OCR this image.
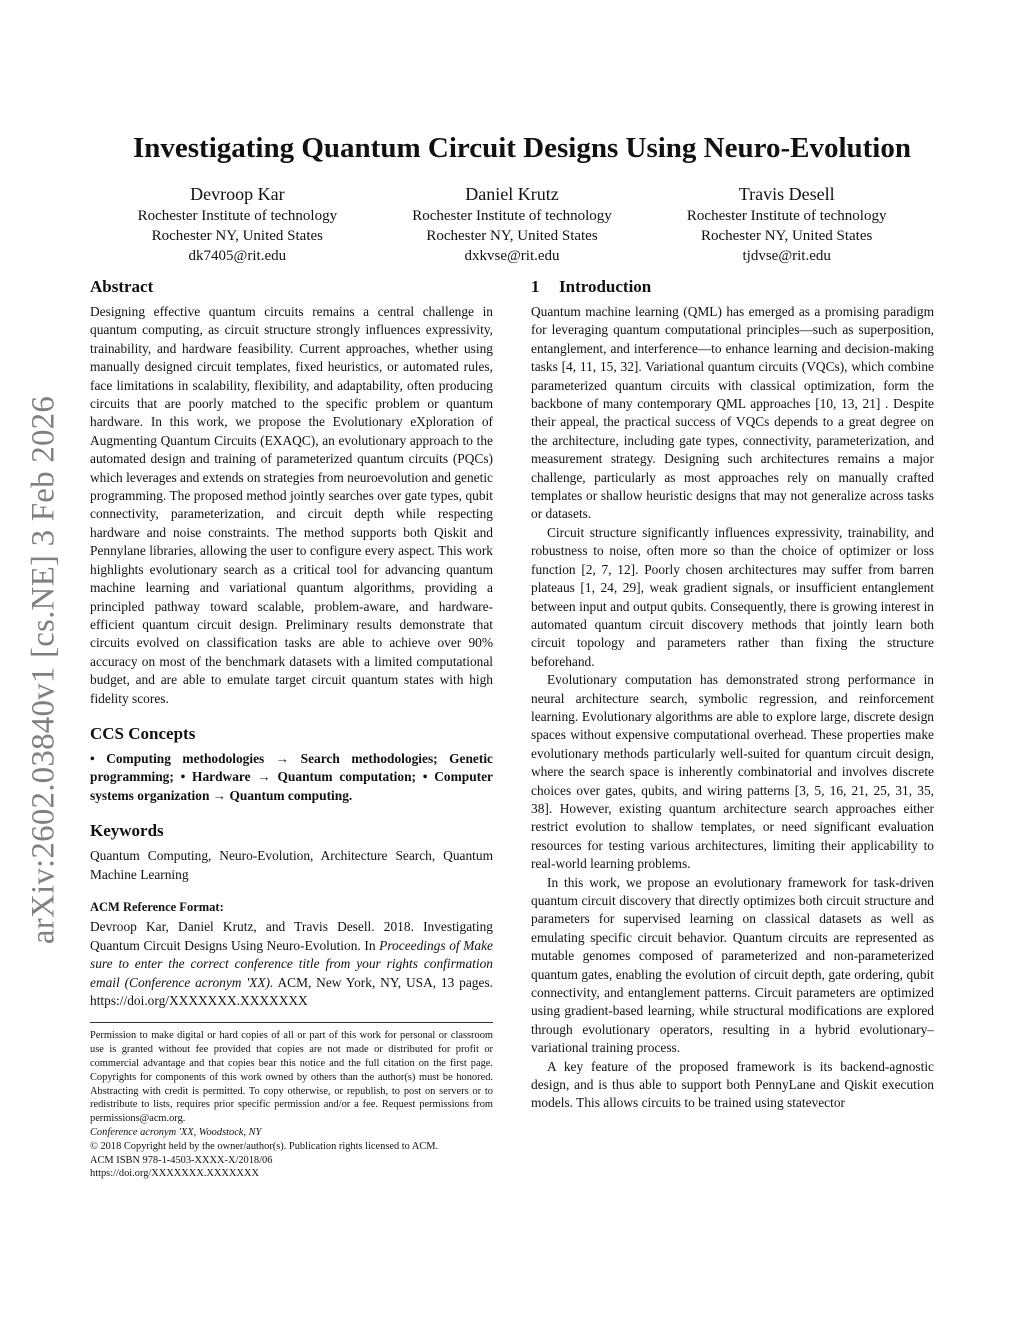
arXiv:2602.03840v1 [cs.NE] 3 Feb 2026
Investigating Quantum Circuit Designs Using Neuro-Evolution
Devroop Kar
Rochester Institute of technology
Rochester NY, United States
dk7405@rit.edu
Daniel Krutz
Rochester Institute of technology
Rochester NY, United States
dxkvse@rit.edu
Travis Desell
Rochester Institute of technology
Rochester NY, United States
tjdvse@rit.edu
Abstract

Designing effective quantum circuits remains a central challenge in quantum computing, as circuit structure strongly influences expressivity, trainability, and hardware feasibility. Current approaches, whether using manually designed circuit templates, fixed heuristics, or automated rules, face limitations in scalability, flexibility, and adaptability, often producing circuits that are poorly matched to the specific problem or quantum hardware. In this work, we propose the Evolutionary eXploration of Augmenting Quantum Circuits (EXAQC), an evolutionary approach to the automated design and training of parameterized quantum circuits (PQCs) which leverages and extends on strategies from neuroevolution and genetic programming. The proposed method jointly searches over gate types, qubit connectivity, parameterization, and circuit depth while respecting hardware and noise constraints. The method supports both Qiskit and Pennylane libraries, allowing the user to configure every aspect. This work highlights evolutionary search as a critical tool for advancing quantum machine learning and variational quantum algorithms, providing a principled pathway toward scalable, problem-aware, and hardware-efficient quantum circuit design. Preliminary results demonstrate that circuits evolved on classification tasks are able to achieve over 90% accuracy on most of the benchmark datasets with a limited computational budget, and are able to emulate target circuit quantum states with high fidelity scores.

CCS Concepts

• Computing methodologies → Search methodologies; Genetic programming; • Hardware → Quantum computation; • Computer systems organization → Quantum computing.

Keywords

Quantum Computing, Neuro-Evolution, Architecture Search, Quantum Machine Learning

ACM Reference Format:

Devroop Kar, Daniel Krutz, and Travis Desell. 2018. Investigating Quantum Circuit Designs Using Neuro-Evolution. In Proceedings of Make sure to enter the correct conference title from your rights confirmation email (Conference acronym 'XX). ACM, New York, NY, USA, 13 pages. https://doi.org/XXXXXXX.XXXXXXX

Permission to make digital or hard copies of all or part of this work for personal or classroom use is granted without fee provided that copies are not made or distributed for profit or commercial advantage and that copies bear this notice and the full citation on the first page. Copyrights for components of this work owned by others than the author(s) must be honored. Abstracting with credit is permitted. To copy otherwise, or republish, to post on servers or to redistribute to lists, requires prior specific permission and/or a fee. Request permissions from permissions@acm.org.

Conference acronym 'XX, Woodstock, NY
© 2018 Copyright held by the owner/author(s). Publication rights licensed to ACM.
ACM ISBN 978-1-4503-XXXX-X/2018/06
https://doi.org/XXXXXXX.XXXXXXX
1 Introduction

Quantum machine learning (QML) has emerged as a promising paradigm for leveraging quantum computational principles—such as superposition, entanglement, and interference—to enhance learning and decision-making tasks [4, 11, 15, 32]. Variational quantum circuits (VQCs), which combine parameterized quantum circuits with classical optimization, form the backbone of many contemporary QML approaches [10, 13, 21] . Despite their appeal, the practical success of VQCs depends to a great degree on the architecture, including gate types, connectivity, parameterization, and measurement strategy. Designing such architectures remains a major challenge, particularly as most approaches rely on manually crafted templates or shallow heuristic designs that may not generalize across tasks or datasets.

Circuit structure significantly influences expressivity, trainability, and robustness to noise, often more so than the choice of optimizer or loss function [2, 7, 12]. Poorly chosen architectures may suffer from barren plateaus [1, 24, 29], weak gradient signals, or insufficient entanglement between input and output qubits. Consequently, there is growing interest in automated quantum circuit discovery methods that jointly learn both circuit topology and parameters rather than fixing the structure beforehand.

Evolutionary computation has demonstrated strong performance in neural architecture search, symbolic regression, and reinforcement learning. Evolutionary algorithms are able to explore large, discrete design spaces without expensive computational overhead. These properties make evolutionary methods particularly well-suited for quantum circuit design, where the search space is inherently combinatorial and involves discrete choices over gates, qubits, and wiring patterns [3, 5, 16, 21, 25, 31, 35, 38]. However, existing quantum architecture search approaches either restrict evolution to shallow templates, or need significant evaluation resources for testing various architectures, limiting their applicability to real-world learning problems.

In this work, we propose an evolutionary framework for task-driven quantum circuit discovery that directly optimizes both circuit structure and parameters for supervised learning on classical datasets as well as emulating specific circuit behavior. Quantum circuits are represented as mutable genomes composed of parameterized and non-parameterized quantum gates, enabling the evolution of circuit depth, gate ordering, qubit connectivity, and entanglement patterns. Circuit parameters are optimized using gradient-based learning, while structural modifications are explored through evolutionary operators, resulting in a hybrid evolutionary–variational training process.

A key feature of the proposed framework is its backend-agnostic design, and is thus able to support both PennyLane and Qiskit execution models. This allows circuits to be trained using statevector
